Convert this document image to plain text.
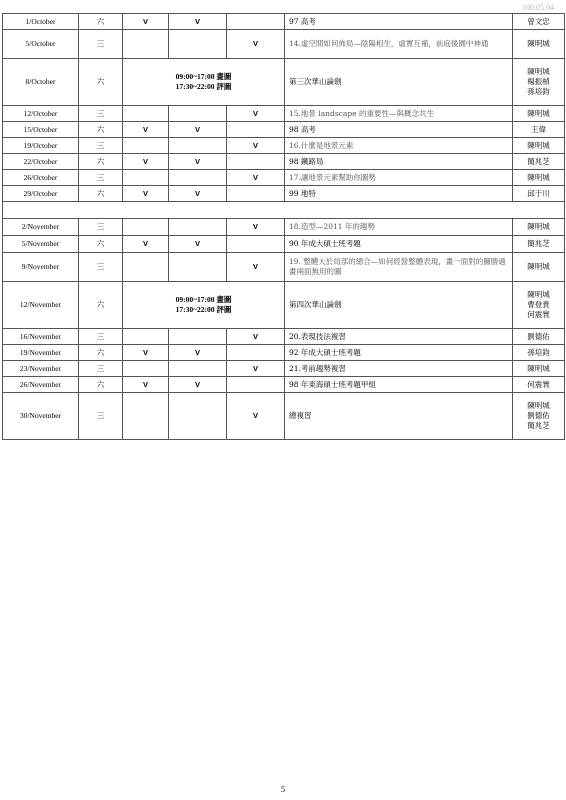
100.05.04
1/October	六	V	V		97 高考	曾文忠

5/October	三			V	14.虛空間如何佈局—陰陽相生，虛實互補，前庭後園中神通	陳明城

8/October	六	09:00~17:00 畫圖
17:30~22:00 評圖			第三次華山論劍	陳明城
楊振楨
孫培鈞

12/October	三			V	15.地景 landscape 的重要性—與概念共生	陳明城

15/October	六	V	V		98 高考	王偉

19/October	三			V	16.什麼是地景元素	陳明城

22/October	六	V	V		98 鐵路局	簡兆芝

26/October	三			V	17.讓地景元素幫助你圖勢	陳明城

29/October	六	V	V		99 地特	邱于川

2/November	三			V	18.造型—2011 年的趨勢	陳明城

5/November	六	V	V		90 年成大碩士班考題	簡兆芝

9/November	三			V	19. 整體大於局部的總合—如何經營整體表現，畫一面對的圖勝過畫兩面無用的圖	陳明城

12/November	六	09:00~17:00 畫圖
17:30~22:00 評圖			第四次華山論劍	陳明城
曹登貴
何震寰

16/November	三			V	20.表現技法複習	劉德佑

19/November	六	V	V		92 年成大碩士班考題	孫培鈞

23/November	三			V	21.考前趨勢複習	陳明城

26/November	六	V	V		98 年東海碩士班考題甲組	何震寰

30/November	三			V	總複習	陳明城
劉德佑
簡兆芝
5
